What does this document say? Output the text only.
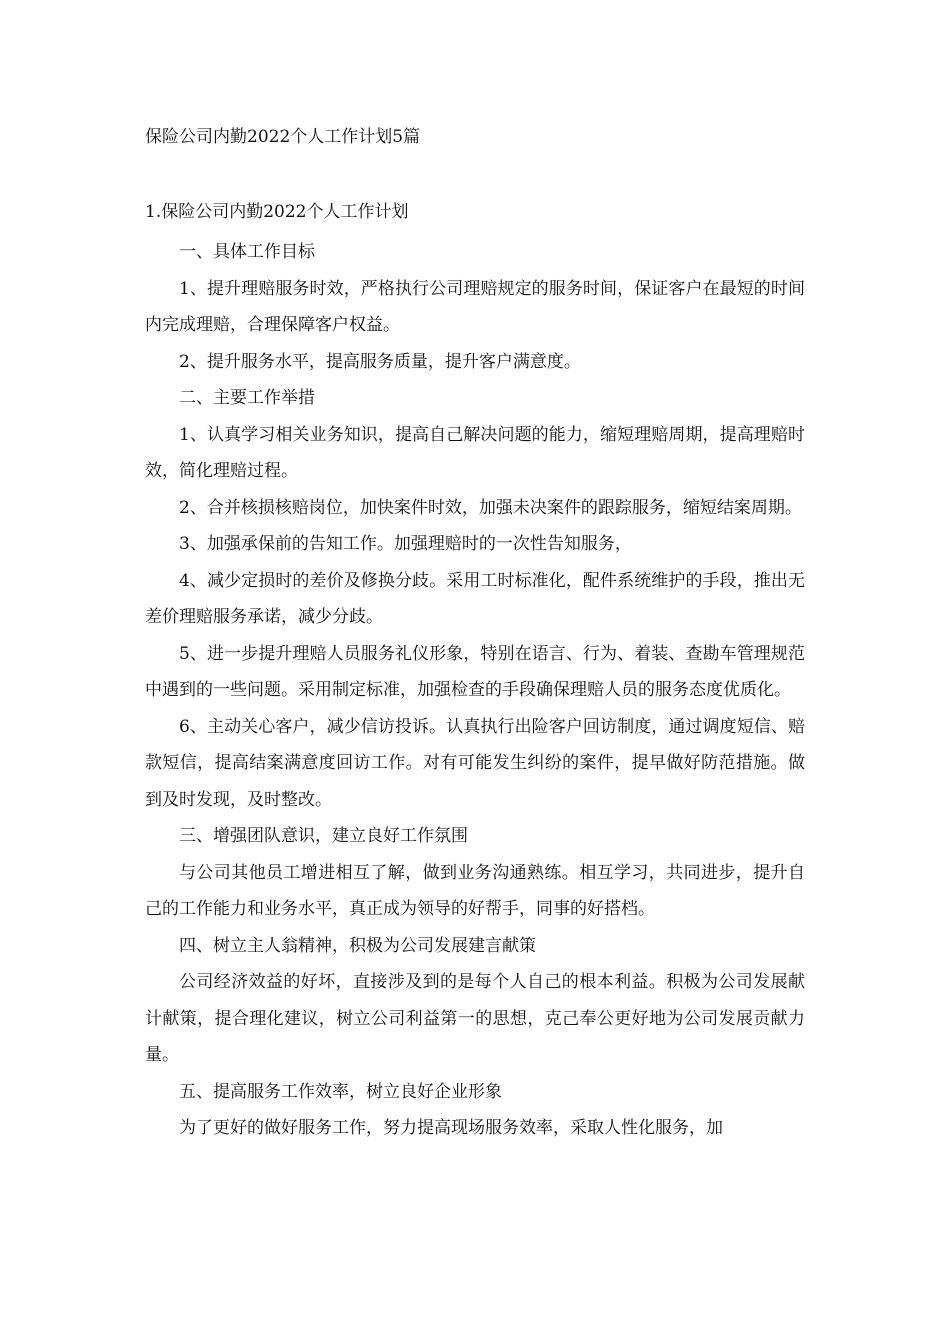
保险公司内勤2022个人工作计划5篇
1.保险公司内勤2022个人工作计划

一、具体工作目标

1、提升理赔服务时效，严格执行公司理赔规定的服务时间，保证客户在最短的时间内完成理赔，合理保障客户权益。

2、提升服务水平，提高服务质量，提升客户满意度。

二、主要工作举措

1、认真学习相关业务知识，提高自己解决问题的能力，缩短理赔周期，提高理赔时效，简化理赔过程。

2、合并核损核赔岗位，加快案件时效，加强未决案件的跟踪服务，缩短结案周期。

3、加强承保前的告知工作。加强理赔时的一次性告知服务，

4、减少定损时的差价及修换分歧。采用工时标准化，配件系统维护的手段，推出无差价理赔服务承诺，减少分歧。

5、进一步提升理赔人员服务礼仪形象，特别在语言、行为、着装、查勘车管理规范中遇到的一些问题。采用制定标准，加强检查的手段确保理赔人员的服务态度优质化。

6、主动关心客户，减少信访投诉。认真执行出险客户回访制度，通过调度短信、赔款短信，提高结案满意度回访工作。对有可能发生纠纷的案件，提早做好防范措施。做到及时发现，及时整改。

三、增强团队意识，建立良好工作氛围

与公司其他员工增进相互了解，做到业务沟通熟练。相互学习，共同进步，提升自己的工作能力和业务水平，真正成为领导的好帮手，同事的好搭档。

四、树立主人翁精神，积极为公司发展建言献策

公司经济效益的好坏，直接涉及到的是每个人自己的根本利益。积极为公司发展献计献策，提合理化建议，树立公司利益第一的思想，克己奉公更好地为公司发展贡献力量。

五、提高服务工作效率，树立良好企业形象

为了更好的做好服务工作，努力提高现场服务效率，采取人性化服务，加
